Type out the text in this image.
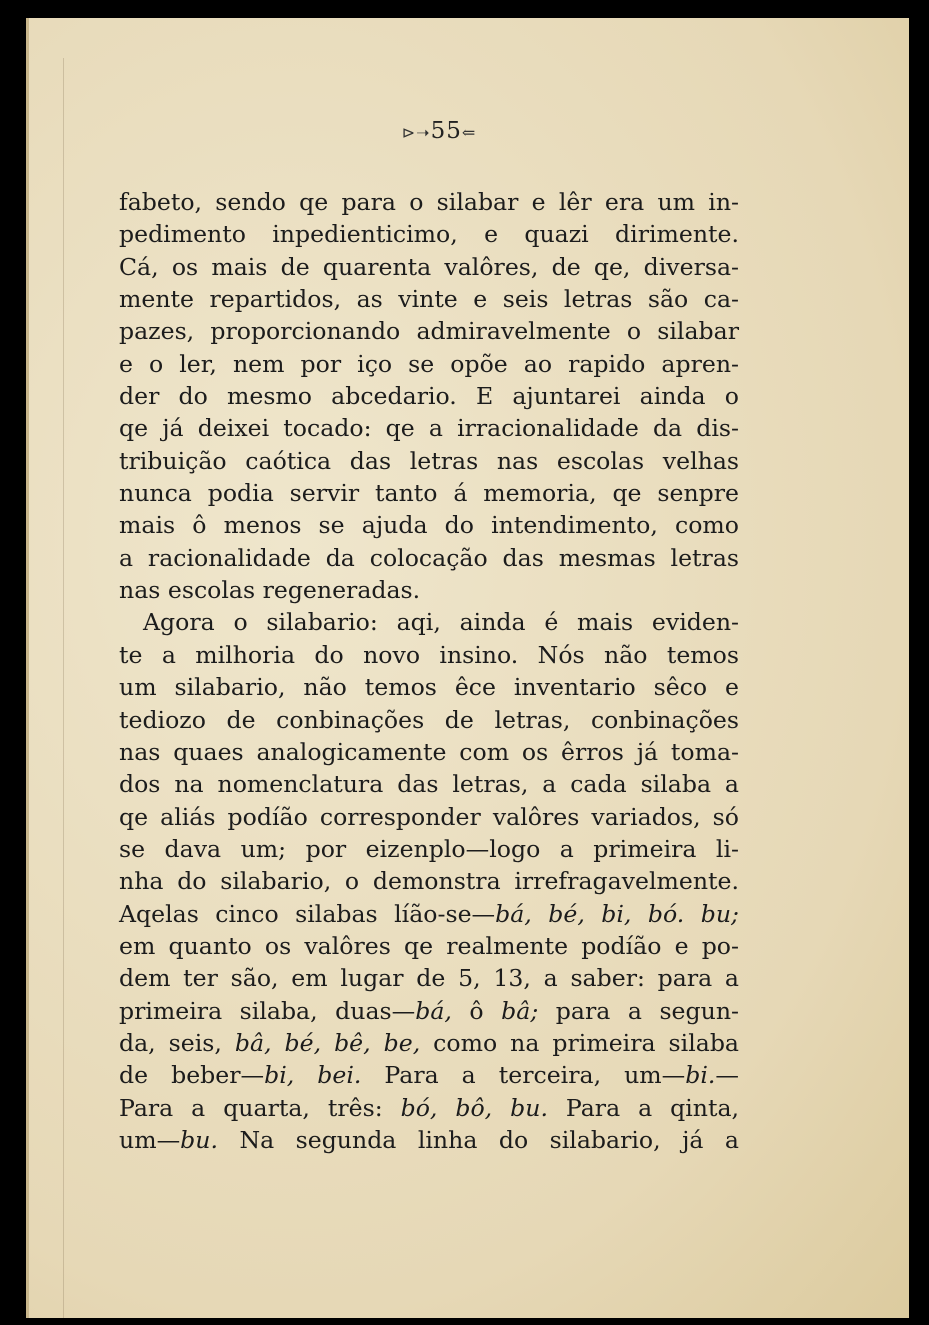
⊳➝55⇐
fabeto, sendo qe para o silabar e lêr era um in-
pedimento inpedienticimo, e quazi dirimente.
Cá, os mais de quarenta valôres, de qe, diversa-
mente repartidos, as vinte e seis letras são ca-
pazes, proporcionando admiravelmente o silabar
e o ler, nem por iço se opõe ao rapido apren-
der do mesmo abcedario. E ajuntarei ainda o
qe já deixei tocado: qe a irracionalidade da dis-
tribuição caótica das letras nas escolas velhas
nunca podia servir tanto á memoria, qe senpre
mais ô menos se ajuda do intendimento, como
a racionalidade da colocação das mesmas letras
nas escolas regeneradas.
Agora o silabario: aqi, ainda é mais eviden-
te a milhoria do novo insino. Nós não temos
um silabario, não temos êce inventario sêco e
tediozo de conbinações de letras, conbinações
nas quaes analogicamente com os êrros já toma-
dos na nomenclatura das letras, a cada silaba a
qe aliás podíão corresponder valôres variados, só
se dava um; por eizenplo—logo a primeira li-
nha do silabario, o demonstra irrefragavelmente.
Aqelas cinco silabas líão-se—bá, bé, bi, bó. bu;
em quanto os valôres qe realmente podíão e po-
dem ter são, em lugar de 5, 13, a saber: para a
primeira silaba, duas—bá, ô bâ; para a segun-
da, seis, bâ, bé, bê, be, como na primeira silaba
de beber—bi, bei. Para a terceira, um—bi.—
Para a quarta, três: bó, bô, bu. Para a qinta,
um—bu. Na segunda linha do silabario, já a
